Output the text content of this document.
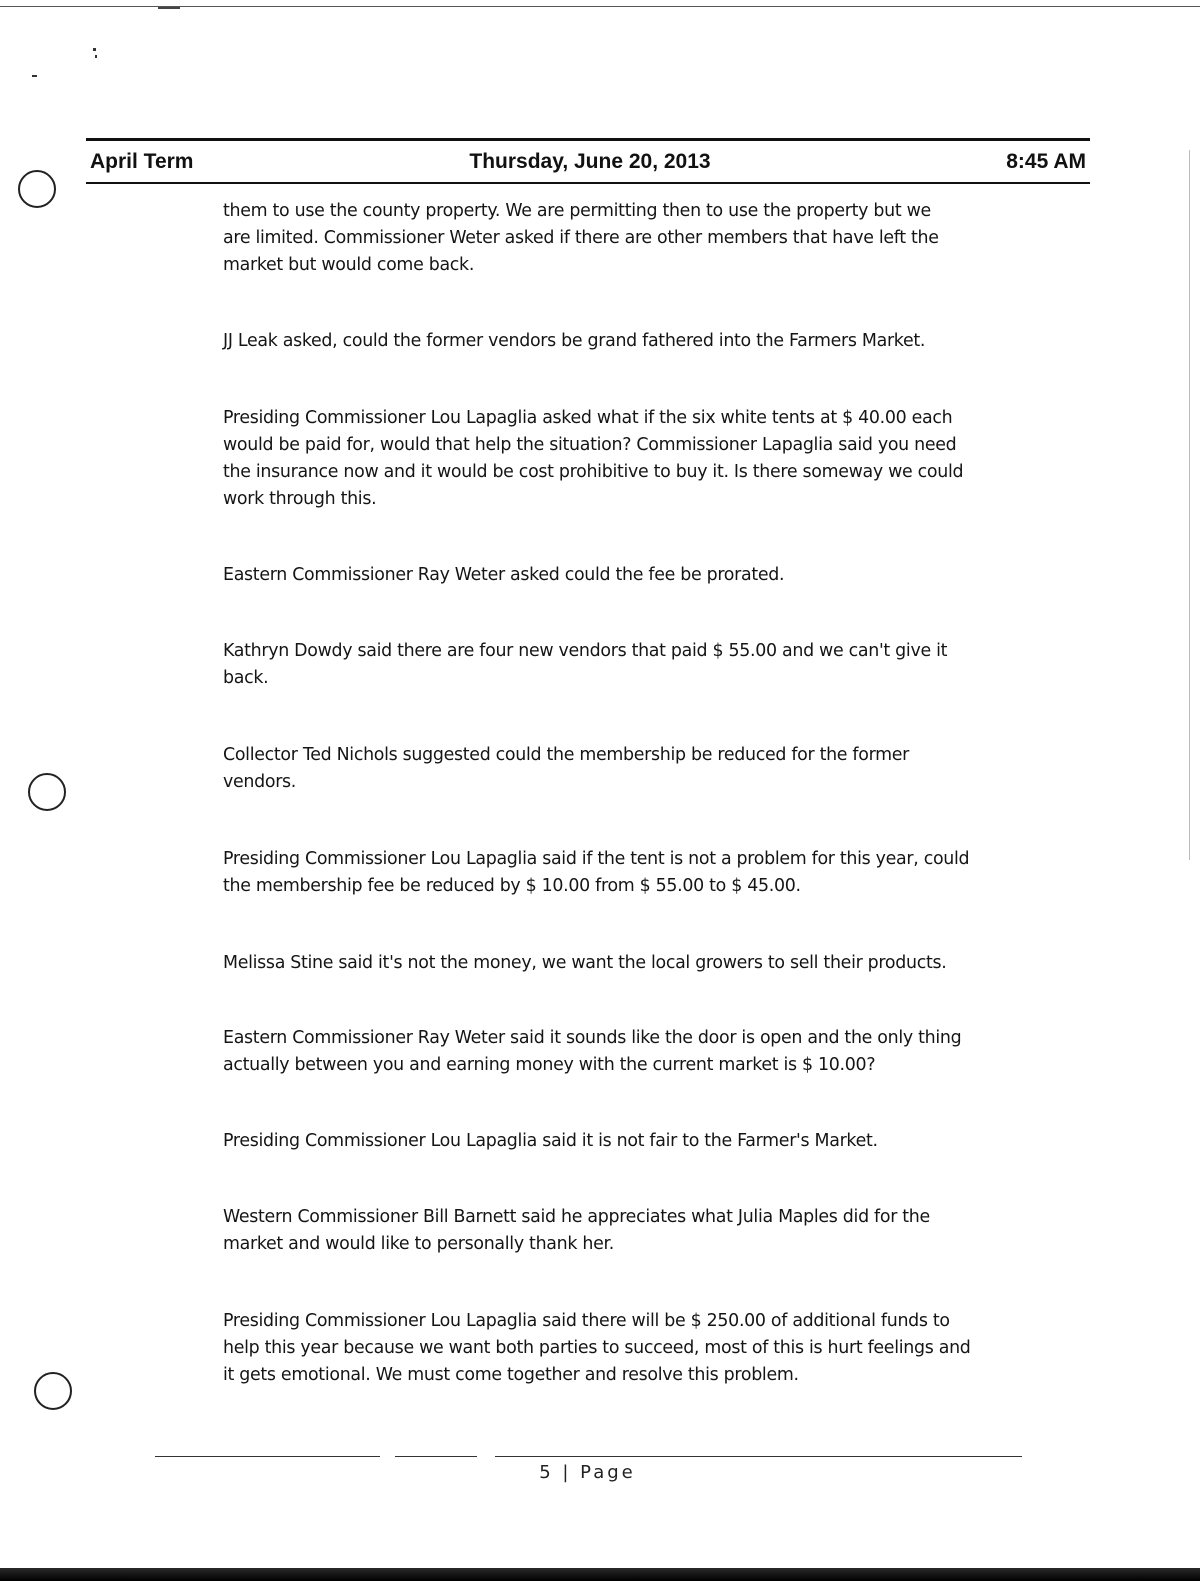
April Term	Thursday, June 20, 2013	8:45 AM

them to use the county property. We are permitting then to use the property but we

are limited. Commissioner Weter asked if there are other members that have left the

market but would come back.

JJ Leak asked, could the former vendors be grand fathered into the Farmers Market.

Presiding Commissioner Lou Lapaglia asked what if the six white tents at $ 40.00 each

would be paid for, would that help the situation? Commissioner Lapaglia said you need

the insurance now and it would be cost prohibitive to buy it. Is there someway we could

work through this.

Eastern Commissioner Ray Weter asked could the fee be prorated.

Kathryn Dowdy said there are four new vendors that paid $ 55.00 and we can't give it

back.

Collector Ted Nichols suggested could the membership be reduced for the former

vendors.

Presiding Commissioner Lou Lapaglia said if the tent is not a problem for this year, could

the membership fee be reduced by $ 10.00 from $ 55.00 to $ 45.00.

Melissa Stine said it's not the money, we want the local growers to sell their products.

Eastern Commissioner Ray Weter said it sounds like the door is open and the only thing

actually between you and earning money with the current market is $ 10.00?

Presiding Commissioner Lou Lapaglia said it is not fair to the Farmer's Market.

Western Commissioner Bill Barnett said he appreciates what Julia Maples did for the

market and would like to personally thank her.

Presiding Commissioner Lou Lapaglia said there will be $ 250.00 of additional funds to

help this year because we want both parties to succeed, most of this is hurt feelings and

it gets emotional. We must come together and resolve this problem.

5 | Page
